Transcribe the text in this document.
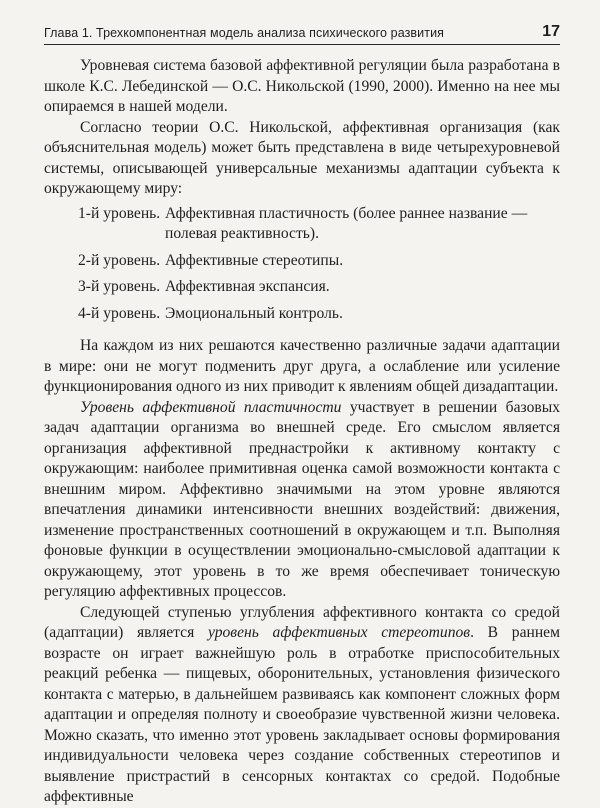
Глава 1. Трехкомпонентная модель анализа психического развития	17

Уровневая система базовой аффективной регуляции была разработана в школе К.С. Лебединской — О.С. Никольской (1990, 2000). Именно на нее мы опираемся в нашей модели.

Согласно теории О.С. Никольской, аффективная организация (как объяснительная модель) может быть представлена в виде четырехуровневой системы, описывающей универсальные механизмы адаптации субъекта к окружающему миру:

1-й уровень. Аффективная пластичность (более раннее название — полевая реактивность).
2-й уровень. Аффективные стереотипы.
3-й уровень. Аффективная экспансия.
4-й уровень. Эмоциональный контроль.

На каждом из них решаются качественно различные задачи адаптации в мире: они не могут подменить друг друга, а ослабление или усиление функционирования одного из них приводит к явлениям общей дизадаптации.

Уровень аффективной пластичности участвует в решении базовых задач адаптации организма во внешней среде. Его смыслом является организация аффективной преднастройки к активному контакту с окружающим: наиболее примитивная оценка самой возможности контакта с внешним миром. Аффективно значимыми на этом уровне являются впечатления динамики интенсивности внешних воздействий: движения, изменение пространственных соотношений в окружающем и т.п. Выполняя фоновые функции в осуществлении эмоционально-смысловой адаптации к окружающему, этот уровень в то же время обеспечивает тоническую регуляцию аффективных процессов.

Следующей ступенью углубления аффективного контакта со средой (адаптации) является уровень аффективных стереотипов. В раннем возрасте он играет важнейшую роль в отработке приспособительных реакций ребенка — пищевых, оборонительных, установления физического контакта с матерью, в дальнейшем развиваясь как компонент сложных форм адаптации и определяя полноту и своеобразие чувственной жизни человека. Можно сказать, что именно этот уровень закладывает основы формирования индивидуальности человека через создание собственных стереотипов и выявление пристрастий в сенсорных контактах со средой. Подобные аффективные
